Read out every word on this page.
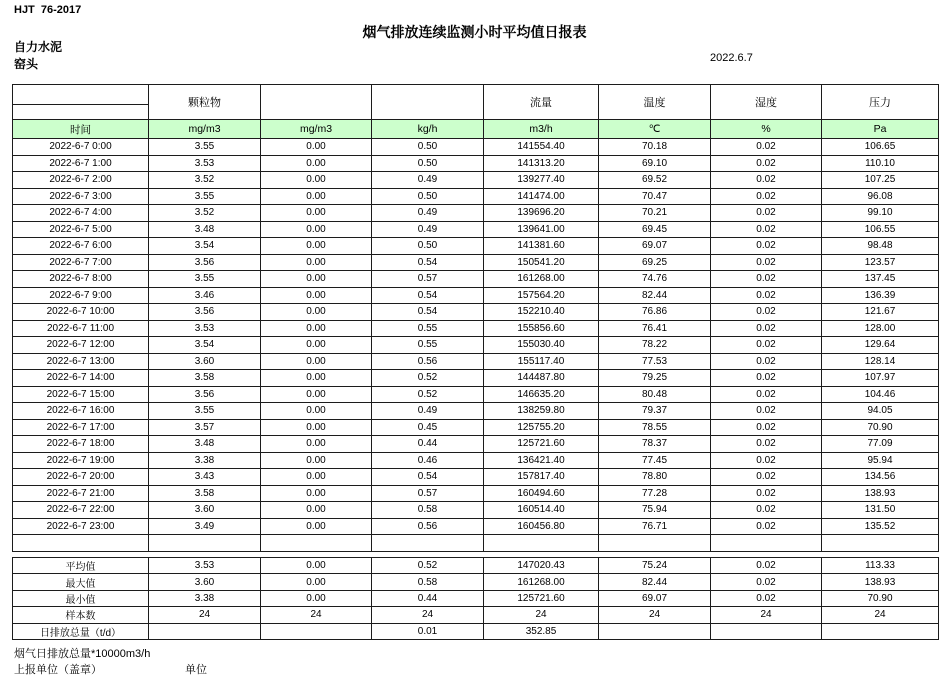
HJT  76-2017
烟气排放连续监测小时平均值日报表
自力水泥
窑头	2022.6.7
	颗粒物			流量	温度	湿度	压力

时间	mg/m3	mg/m3	kg/h	m3/h	℃	%	Pa
2022-6-7 0:00	3.55	0.00	0.50	141554.40	70.18	0.02	106.65
2022-6-7 1:00	3.53	0.00	0.50	141313.20	69.10	0.02	110.10
2022-6-7 2:00	3.52	0.00	0.49	139277.40	69.52	0.02	107.25
2022-6-7 3:00	3.55	0.00	0.50	141474.00	70.47	0.02	96.08
2022-6-7 4:00	3.52	0.00	0.49	139696.20	70.21	0.02	99.10
2022-6-7 5:00	3.48	0.00	0.49	139641.00	69.45	0.02	106.55
2022-6-7 6:00	3.54	0.00	0.50	141381.60	69.07	0.02	98.48
2022-6-7 7:00	3.56	0.00	0.54	150541.20	69.25	0.02	123.57
2022-6-7 8:00	3.55	0.00	0.57	161268.00	74.76	0.02	137.45
2022-6-7 9:00	3.46	0.00	0.54	157564.20	82.44	0.02	136.39
2022-6-7 10:00	3.56	0.00	0.54	152210.40	76.86	0.02	121.67
2022-6-7 11:00	3.53	0.00	0.55	155856.60	76.41	0.02	128.00
2022-6-7 12:00	3.54	0.00	0.55	155030.40	78.22	0.02	129.64
2022-6-7 13:00	3.60	0.00	0.56	155117.40	77.53	0.02	128.14
2022-6-7 14:00	3.58	0.00	0.52	144487.80	79.25	0.02	107.97
2022-6-7 15:00	3.56	0.00	0.52	146635.20	80.48	0.02	104.46
2022-6-7 16:00	3.55	0.00	0.49	138259.80	79.37	0.02	94.05
2022-6-7 17:00	3.57	0.00	0.45	125755.20	78.55	0.02	70.90
2022-6-7 18:00	3.48	0.00	0.44	125721.60	78.37	0.02	77.09
2022-6-7 19:00	3.38	0.00	0.46	136421.40	77.45	0.02	95.94
2022-6-7 20:00	3.43	0.00	0.54	157817.40	78.80	0.02	134.56
2022-6-7 21:00	3.58	0.00	0.57	160494.60	77.28	0.02	138.93
2022-6-7 22:00	3.60	0.00	0.58	160514.40	75.94	0.02	131.50
2022-6-7 23:00	3.49	0.00	0.56	160456.80	76.71	0.02	135.52

平均值	3.53	0.00	0.52	147020.43	75.24	0.02	113.33
最大值	3.60	0.00	0.58	161268.00	82.44	0.02	138.93
最小值	3.38	0.00	0.44	125721.60	69.07	0.02	70.90
样本数	24	24	24	24	24	24	24
日排放总量（t/d）			0.01	352.85			
烟气日排放总量*10000m3/h
上报单位（盖章）	单位
